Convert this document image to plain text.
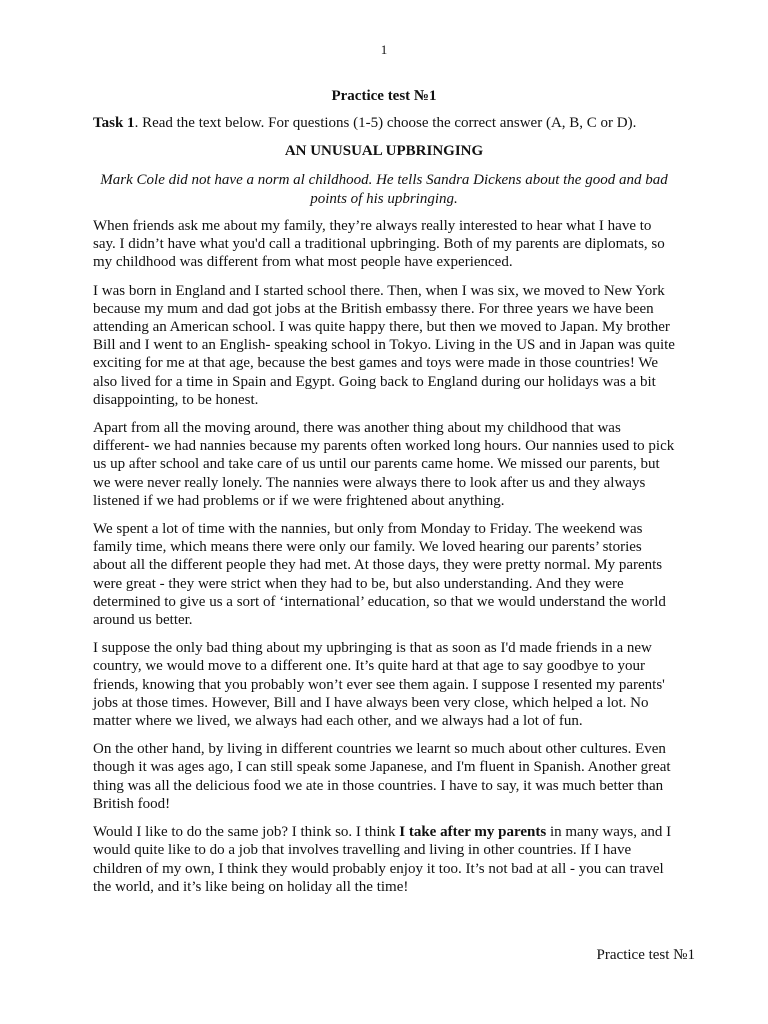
1
Practice test №1
Task 1. Read the text below. For questions (1-5) choose the correct answer (A, B, C or D).
AN UNUSUAL UPBRINGING
Mark Cole did not have a norm al childhood. He tells Sandra Dickens about the good and bad points of his upbringing.

When friends ask me about my family, they’re always really interested to hear what I have to say. I didn’t have what you'd call a traditional upbringing. Both of my parents are diplomats, so my childhood was different from what most people have experienced.

I was born in England and I started school there. Then, when I was six, we moved to New York because my mum and dad got jobs at the British embassy there. For three years we have been attending an American school. I was quite happy there, but then we moved to Japan. My brother Bill and I went to an English- speaking school in Tokyo. Living in the US and in Japan was quite exciting for me at that age, because the best games and toys were made in those countries! We also lived for a time in Spain and Egypt. Going back to England during our holidays was a bit disappointing, to be honest.

Apart from all the moving around, there was another thing about my childhood that was different- we had nannies because my parents often worked long hours. Our nannies used to pick us up after school and take care of us until our parents came home. We missed our parents, but we were never really lonely. The nannies were always there to look after us and they always listened if we had problems or if we were frightened about anything.

We spent a lot of time with the nannies, but only from Monday to Friday. The weekend was family time, which means there were only our family. We loved hearing our parents’ stories about all the different people they had met. At those days, they were pretty normal. My parents were great - they were strict when they had to be, but also understanding. And they were determined to give us a sort of ‘international’ education, so that we would understand the world around us better.

I suppose the only bad thing about my upbringing is that as soon as I'd made friends in a new country, we would move to a different one. It’s quite hard at that age to say goodbye to your friends, knowing that you probably won’t ever see them again. I suppose I resented my parents' jobs at those times. However, Bill and I have always been very close, which helped a lot. No matter where we lived, we always had each other, and we always had a lot of fun.

On the other hand, by living in different countries we learnt so much about other cultures. Even though it was ages ago, I can still speak some Japanese, and I'm fluent in Spanish. Another great thing was all the delicious food we ate in those countries. I have to say, it was much better than British food!

Would I like to do the same job? I think so. I think I take after my parents in many ways, and I would quite like to do a job that involves travelling and living in other countries. If I have children of my own, I think they would probably enjoy it too. It’s not bad at all - you can travel the world, and it’s like being on holiday all the time!

Practice test №1
